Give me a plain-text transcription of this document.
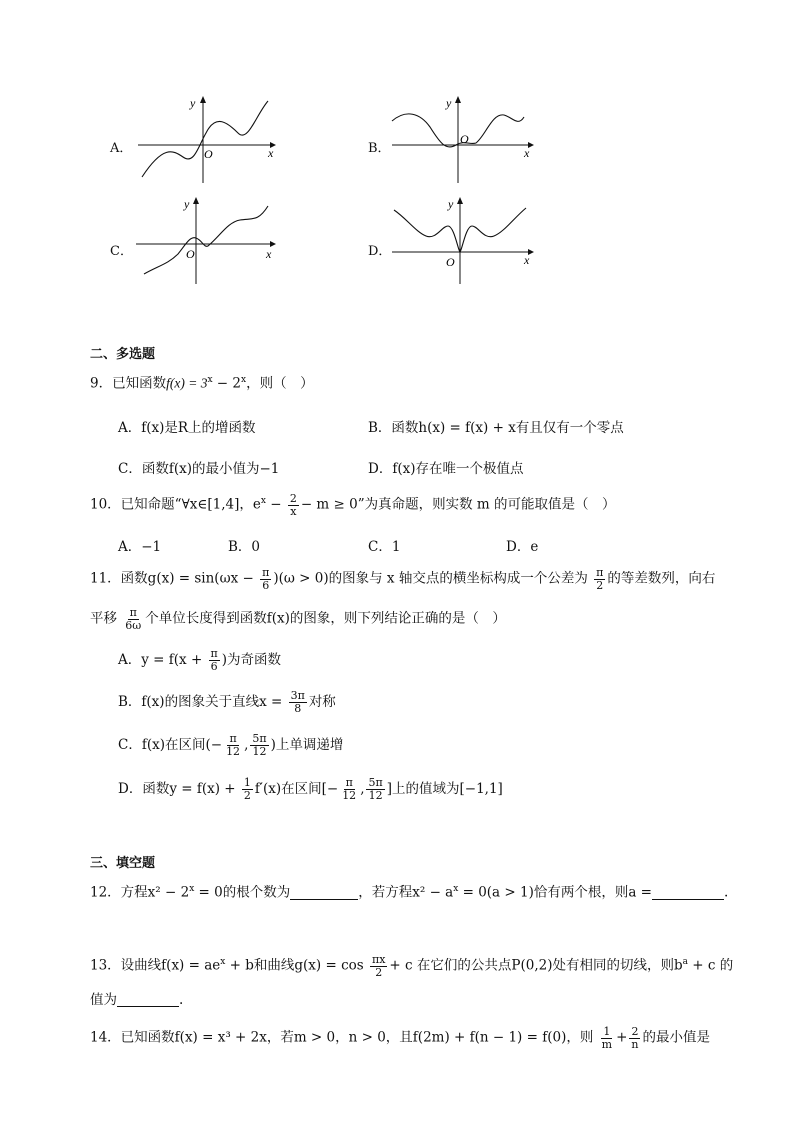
A．
y
x
O	B．
y
x
O
C．
y
x
O	D．
y
x
O
二、多选题
9．已知函数$f(x) = 3^x - 2^x$，则（　）
A．f(x)是R上的增函数	B．函数h(x) = f(x) + x有且仅有一个零点
C．函数f(x)的最小值为−1	D．f(x)存在唯一个极值点
10．已知命题“∀x∈[1,4]，$e^x - \frac{2}{x} - m \ge 0$”为真命题，则实数 m 的可能取值是（　）
A．−1	B．0	C．1	D．e
11．函数$g(x) = \sin(\omega x - \frac{\pi}{6} )(\omega > 0)$的图象与 x 轴交点的横坐标构成一个公差为 $\frac{\pi}{2}$ 的等差数列，向右
平移 $\frac{\pi}{6\omega}$ 个单位长度得到函数f(x)的图象，则下列结论正确的是（　）
A．$y = f(x + \frac{\pi}{6}$ )为奇函数
B．f(x)的图象关于直线$x = \frac{3\pi}{8}$ 对称
C．f(x)在区间(− $\frac{\pi}{12}$ , $\frac{5\pi}{12}$ )上单调递增
D．函数$y = f(x) + \frac{1}{2} f'(x)$在区间[− $\frac{\pi}{12}$ , $\frac{5\pi}{12}$ ]上的值域为[−1,1]
三、填空题
12．方程$x^2 - 2^x = 0$的根个数为	，若方程$x^2 - a^x = 0(a > 1)$恰有两个根，则a =	.
13．设曲线$f(x) = ae^x + b$和曲线$g(x) = \cos \frac{\pi x}{2} + c$ 在它们的公共点P(0,2)处有相同的切线，则$b^a + c$ 的
值为	.
14．已知函数f(x) = x³ + 2x，若m > 0，n > 0，且f(2m) + f(n − 1) = f(0)，则 $\frac{1}{m} + \frac{2}{n}$ 的最小值是
